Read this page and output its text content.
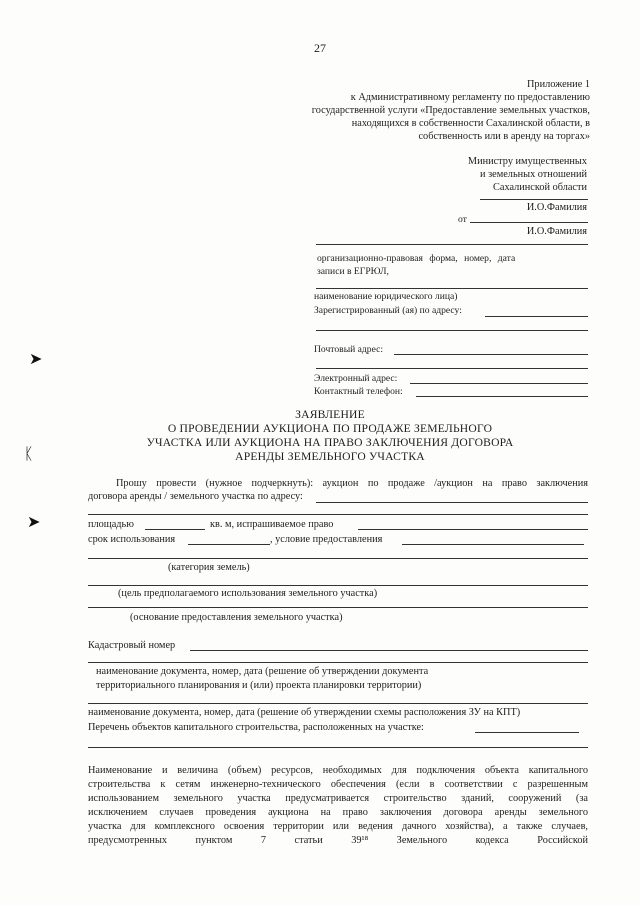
27
Приложение 1
к Административному регламенту по предоставлению
государственной услуги «Предоставление земельных участков,
находящихся в собственности Сахалинской области, в
собственность или в аренду на торгах»
Министру имущественных
и земельных отношений
Сахалинской области
И.О.Фамилия
от
И.О.Фамилия
организационно-правовая форма, номер, дата
записи в ЕГРЮЛ,
наименование юридического лица)
Зарегистрированный (ая) по адресу:
Почтовый адрес:
Электронный адрес:
Контактный телефон:
ЗАЯВЛЕНИЕ
О ПРОВЕДЕНИИ АУКЦИОНА ПО ПРОДАЖЕ ЗЕМЕЛЬНОГО
УЧАСТКА ИЛИ АУКЦИОНА НА ПРАВО ЗАКЛЮЧЕНИЯ ДОГОВОРА
АРЕНДЫ ЗЕМЕЛЬНОГО УЧАСТКА
➤
ᛕ
➤
Прошу провести (нужное подчеркнуть): аукцион по продаже /аукцион на право заключения
договора аренды / земельного участка по адресу:
площадью	кв. м, испрашиваемое право
срок использования	, условие предоставления
(категория земель)
(цель предполагаемого использования земельного участка)
(основание предоставления земельного участка)
Кадастровый номер
наименование документа, номер, дата (решение об утверждении документа
территориального планирования и (или) проекта планировки территории)
наименование документа, номер, дата (решение об утверждении схемы расположения ЗУ на КПТ)
Перечень объектов капитального строительства, расположенных на участке:
Наименование и величина (объем) ресурсов, необходимых для подключения объекта капитального
строительства к сетям инженерно-технического обеспечения (если в соответствии с разрешенным
использованием земельного участка предусматривается строительство зданий, сооружений (за
исключением случаев проведения аукциона на право заключения договора аренды земельного
участка для комплексного освоения территории или ведения дачного хозяйства), а также случаев,
предусмотренных	пунктом	7	статьи	39¹⁸	Земельного	кодекса	Российской
